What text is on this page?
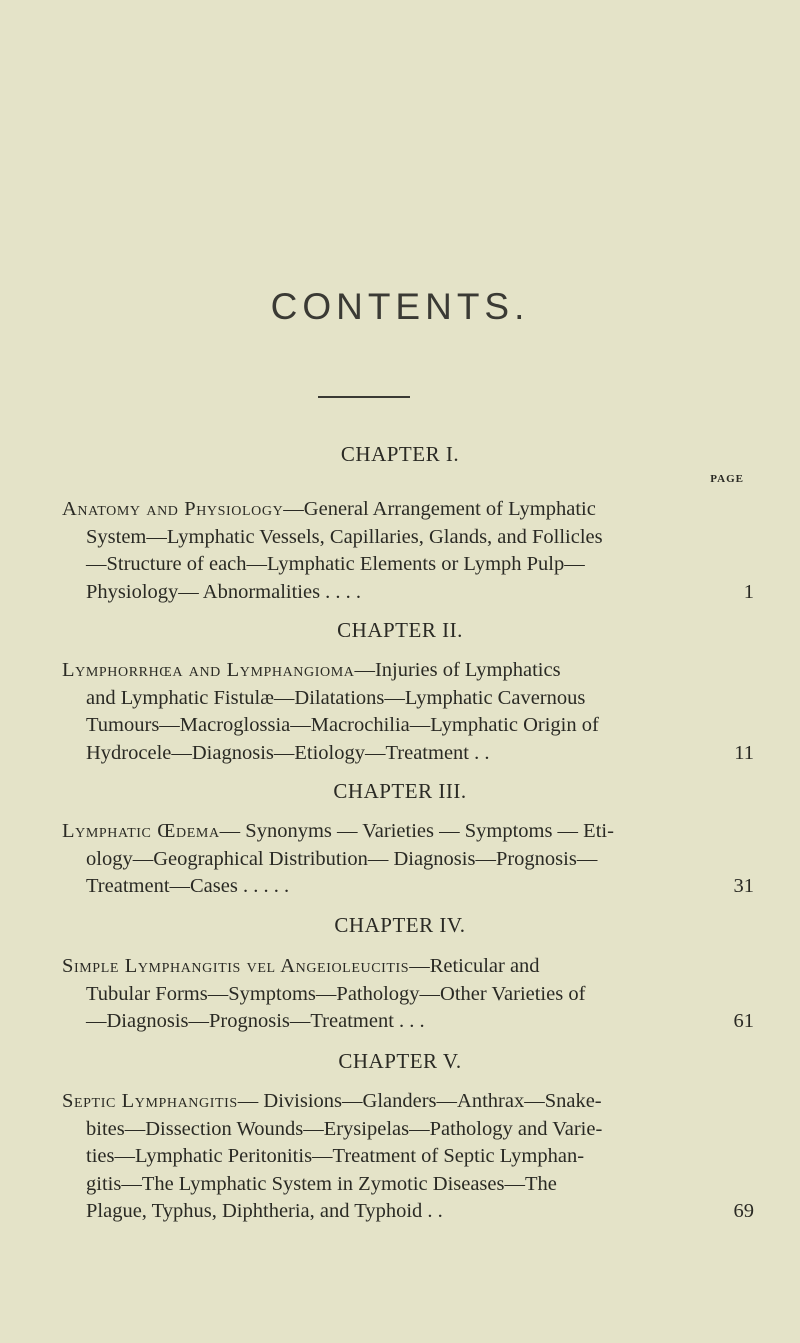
CONTENTS.
PAGE
CHAPTER I.
Anatomy and Physiology—General Arrangement of Lymphatic
System—Lymphatic Vessels, Capillaries, Glands, and Follicles
—Structure of each—Lymphatic Elements or Lymph Pulp—
Physiology— Abnormalities . . . .	1
CHAPTER II.
Lymphorrhœa and Lymphangioma—Injuries of Lymphatics
and Lymphatic Fistulæ—Dilatations—Lymphatic Cavernous
Tumours—Macroglossia—Macrochilia—Lymphatic Origin of
Hydrocele—Diagnosis—Etiology—Treatment . .	11
CHAPTER III.
Lymphatic Œdema— Synonyms — Varieties — Symptoms — Eti-
ology—Geographical Distribution— Diagnosis—Prognosis—
Treatment—Cases . . . . .	31
CHAPTER IV.
Simple Lymphangitis vel Angeioleucitis—Reticular and
Tubular Forms—Symptoms—Pathology—Other Varieties of
—Diagnosis—Prognosis—Treatment . . .	61
CHAPTER V.
Septic Lymphangitis— Divisions—Glanders—Anthrax—Snake-
bites—Dissection Wounds—Erysipelas—Pathology and Varie-
ties—Lymphatic Peritonitis—Treatment of Septic Lymphan-
gitis—The Lymphatic System in Zymotic Diseases—The
Plague, Typhus, Diphtheria, and Typhoid . .	69
